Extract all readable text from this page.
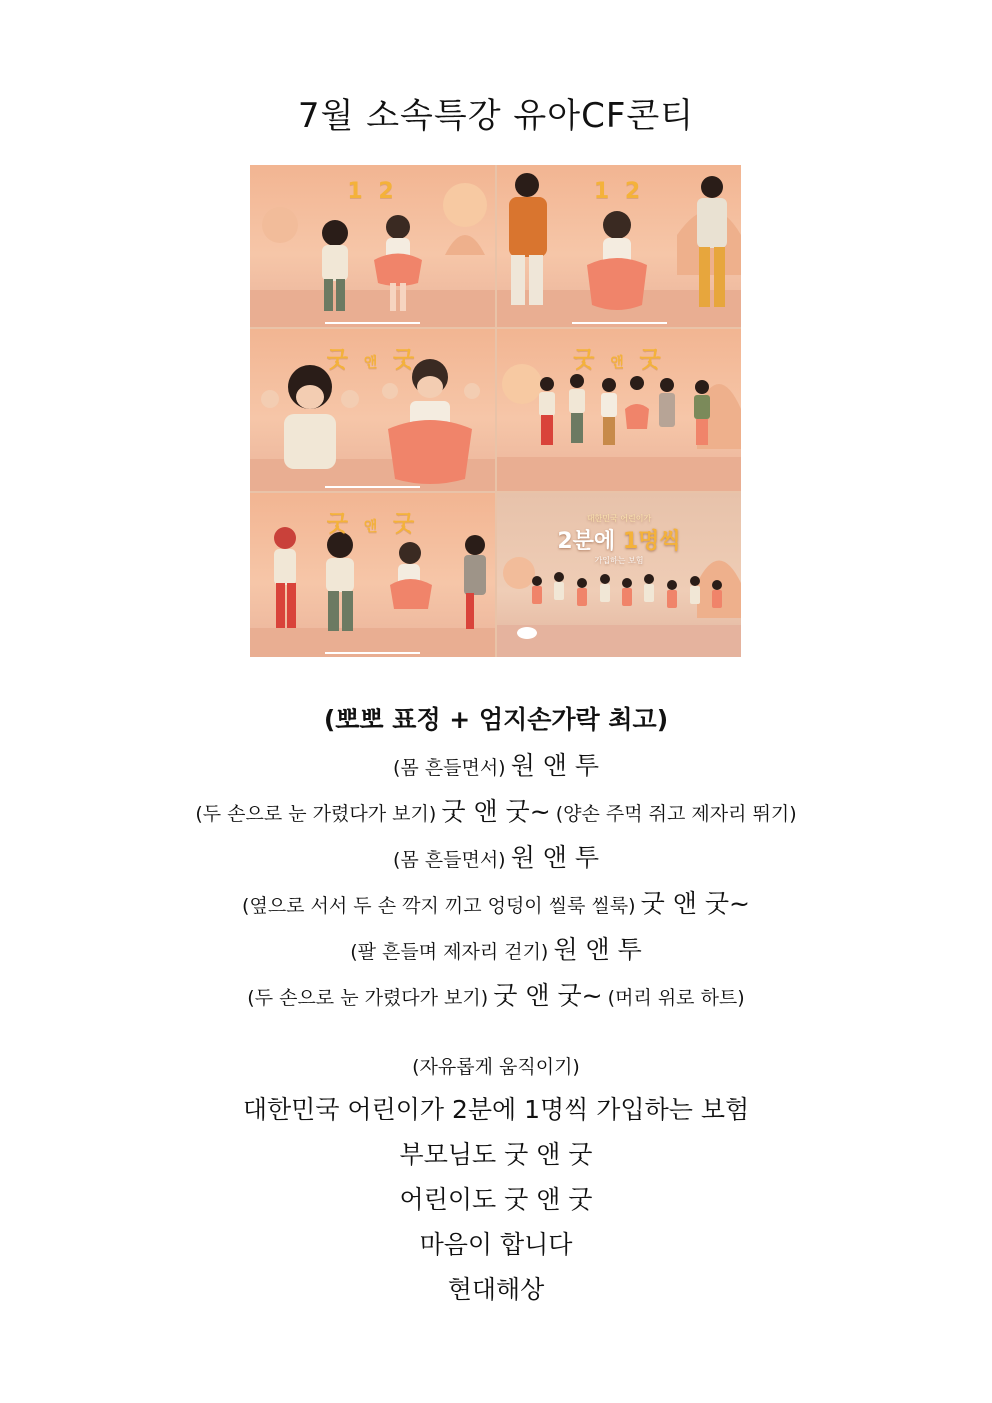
7월 소속특강 유아CF콘티
1 2	1 2
굿 앤 굿	굿 앤 굿
굿 앤 굿	대한민국 어린이가
2분에 1명씩
가입하는 보험
(뽀뽀 표정 + 엄지손가락 최고)
(몸 흔들면서) 원 앤 투
(두 손으로 눈 가렸다가 보기) 굿 앤 굿~ (양손 주먹 쥐고 제자리 뛰기)
(몸 흔들면서) 원 앤 투
(옆으로 서서 두 손 깍지 끼고 엉덩이 씰룩 씰룩) 굿 앤 굿~
(팔 흔들며 제자리 걷기) 원 앤 투
(두 손으로 눈 가렸다가 보기) 굿 앤 굿~ (머리 위로 하트)
(자유롭게 움직이기)
대한민국 어린이가 2분에 1명씩 가입하는 보험
부모님도 굿 앤 굿
어린이도 굿 앤 굿
마음이 합니다
현대해상
